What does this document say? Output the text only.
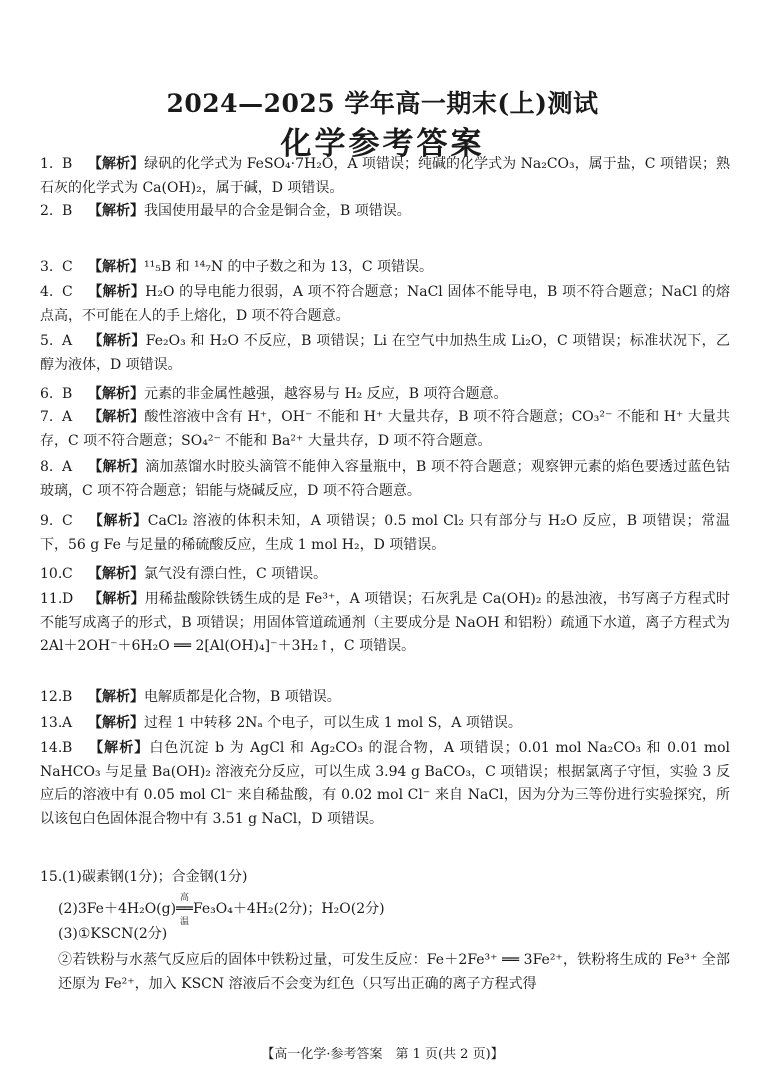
2024—2025 学年高一期末(上)测试
化学参考答案

1. B 【解析】绿矾的化学式为 FeSO₄·7H₂O，A 项错误；纯碱的化学式为 Na₂CO₃，属于盐，C 项错误；熟石灰的化学式为 Ca(OH)₂，属于碱，D 项错误。

2. B 【解析】我国使用最早的合金是铜合金，B 项错误。

3. C 【解析】¹¹₅B 和 ¹⁴₇N 的中子数之和为 13，C 项错误。

4. C 【解析】H₂O 的导电能力很弱，A 项不符合题意；NaCl 固体不能导电，B 项不符合题意；NaCl 的熔点高，不可能在人的手上熔化，D 项不符合题意。

5. A 【解析】Fe₂O₃ 和 H₂O 不反应，B 项错误；Li 在空气中加热生成 Li₂O，C 项错误；标准状况下，乙醇为液体，D 项错误。

6. B 【解析】元素的非金属性越强，越容易与 H₂ 反应，B 项符合题意。

7. A 【解析】酸性溶液中含有 H⁺，OH⁻ 不能和 H⁺ 大量共存，B 项不符合题意；CO₃²⁻ 不能和 H⁺ 大量共存，C 项不符合题意；SO₄²⁻ 不能和 Ba²⁺ 大量共存，D 项不符合题意。

8. A 【解析】滴加蒸馏水时胶头滴管不能伸入容量瓶中，B 项不符合题意；观察钾元素的焰色要透过蓝色钴玻璃，C 项不符合题意；铝能与烧碱反应，D 项不符合题意。

9. C 【解析】CaCl₂ 溶液的体积未知，A 项错误；0.5 mol Cl₂ 只有部分与 H₂O 反应，B 项错误；常温下，56 g Fe 与足量的稀硫酸反应，生成 1 mol H₂，D 项错误。

10.C 【解析】氯气没有漂白性，C 项错误。

11.D 【解析】用稀盐酸除铁锈生成的是 Fe³⁺，A 项错误；石灰乳是 Ca(OH)₂ 的悬浊液，书写离子方程式时不能写成离子的形式，B 项错误；用固体管道疏通剂（主要成分是 NaOH 和铝粉）疏通下水道，离子方程式为 2Al＋2OH⁻＋6H₂O ══ 2[Al(OH)₄]⁻＋3H₂↑，C 项错误。

12.B 【解析】电解质都是化合物，B 项错误。

13.A 【解析】过程 1 中转移 2Nₐ 个电子，可以生成 1 mol S，A 项错误。

14.B 【解析】白色沉淀 b 为 AgCl 和 Ag₂CO₃ 的混合物，A 项错误；0.01 mol Na₂CO₃ 和 0.01 mol NaHCO₃ 与足量 Ba(OH)₂ 溶液充分反应，可以生成 3.94 g BaCO₃，C 项错误；根据氯离子守恒，实验 3 反应后的溶液中有 0.05 mol Cl⁻ 来自稀盐酸，有 0.02 mol Cl⁻ 来自 NaCl，因为分为三等份进行实验探究，所以该包白色固体混合物中有 3.51 g NaCl，D 项错误。

15.(1)碳素钢(1分)；合金钢(1分)

(2)3Fe＋4H₂O(g)
高温
══Fe₃O₄＋4H₂(2分)；H₂O(2分)

(3)①KSCN(2分)

②若铁粉与水蒸气反应后的固体中铁粉过量，可发生反应：Fe＋2Fe³⁺ ══ 3Fe²⁺，铁粉将生成的 Fe³⁺ 全部还原为 Fe²⁺，加入 KSCN 溶液后不会变为红色（只写出正确的离子方程式得

【高一化学·参考答案　第 1 页(共 2 页)】
